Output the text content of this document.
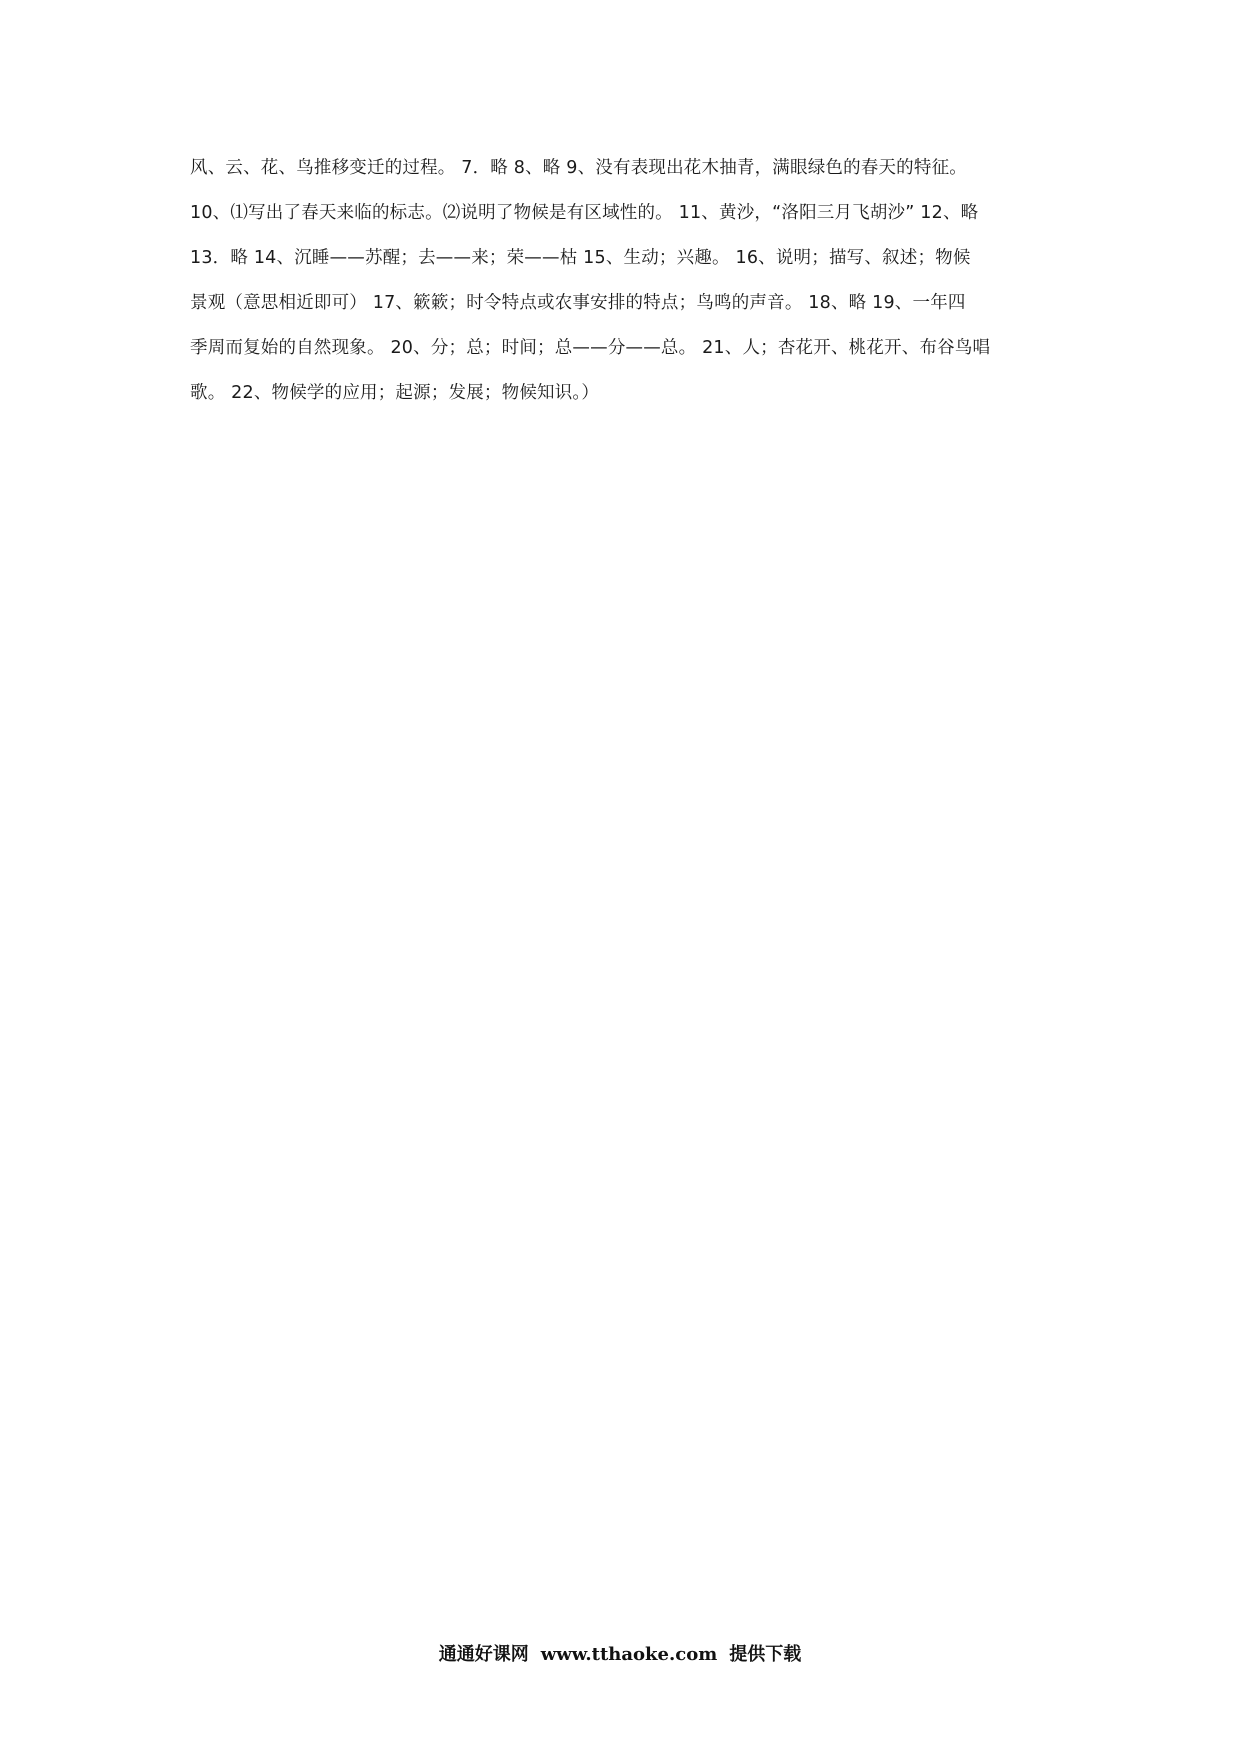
风、云、花、鸟推移变迁的过程。 7．略 8、略 9、没有表现出花木抽青，满眼绿色的春天的特征。
10、⑴写出了春天来临的标志。⑵说明了物候是有区域性的。 11、黄沙，“洛阳三月飞胡沙” 12、略
13．略 14、沉睡——苏醒；去——来；荣——枯 15、生动；兴趣。 16、说明；描写、叙述；物候
景观（意思相近即可） 17、簌簌；时令特点或农事安排的特点；鸟鸣的声音。 18、略 19、一年四
季周而复始的自然现象。 20、分；总；时间；总——分——总。 21、人；杏花开、桃花开、布谷鸟唱
歌。 22、物候学的应用；起源；发展；物候知识。）
通通好课网 www.tthaoke.com 提供下载
